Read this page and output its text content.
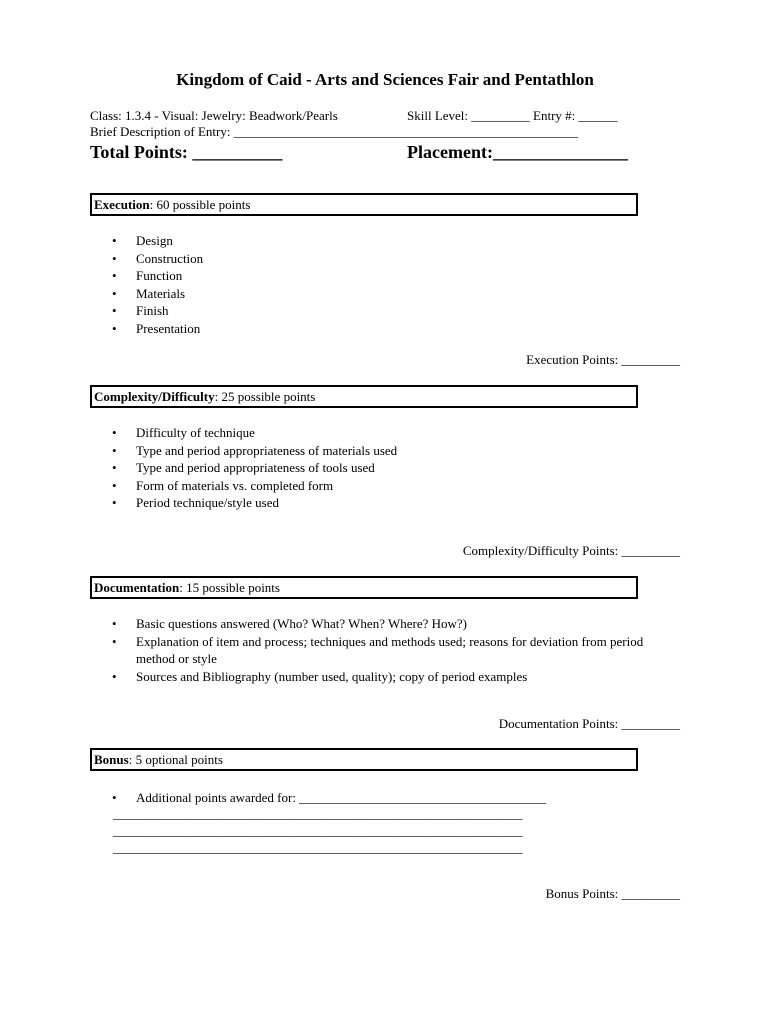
Kingdom of Caid - Arts and Sciences Fair and Pentathlon
Class: 1.3.4 - Visual: Jewelry: Beadwork/Pearls	Skill Level: _________ Entry #: ______
Brief Description of Entry: _____________________________________________________
Total Points: __________	Placement:_______________
Execution: 60 possible points
• Design
• Construction
• Function
• Materials
• Finish
• Presentation
Execution Points: _________
Complexity/Difficulty: 25 possible points
• Difficulty of technique
• Type and period appropriateness of materials used
• Type and period appropriateness of tools used
• Form of materials vs. completed form
• Period technique/style used
Complexity/Difficulty Points: _________
Documentation: 15 possible points
• Basic questions answered (Who? What? When? Where? How?)
• Explanation of item and process; techniques and methods used; reasons for deviation from period
method or style
• Sources and Bibliography (number used, quality); copy of period examples
Documentation Points: _________
Bonus: 5 optional points
• Additional points awarded for: ______________________________________
_______________________________________________________________
_______________________________________________________________
_______________________________________________________________
Bonus Points: _________
